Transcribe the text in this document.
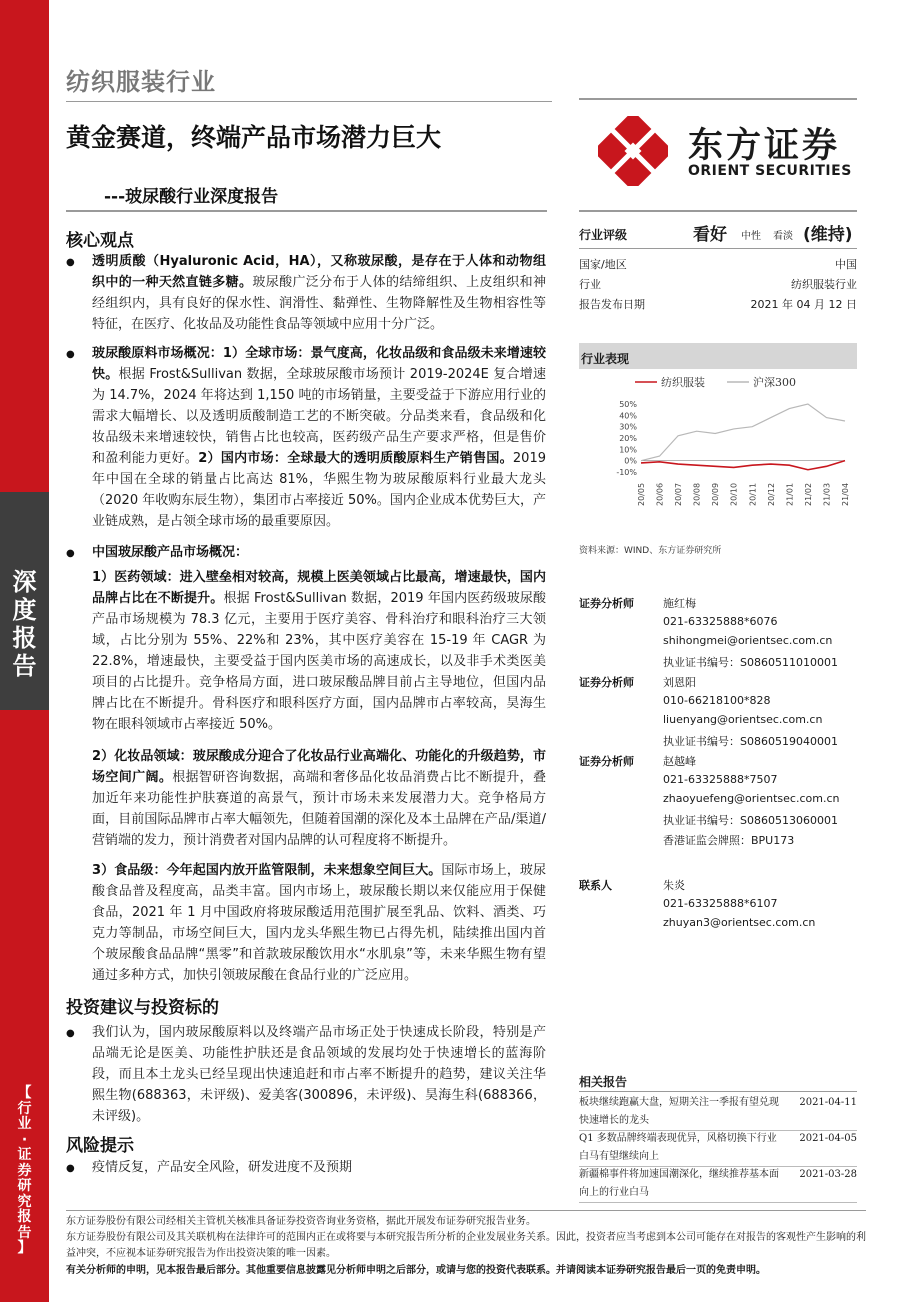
深
度
报
告
【
行
业
·
证
券
研
究
报
告
】
纺织服装行业
黄金赛道，终端产品市场潜力巨大
---玻尿酸行业深度报告
东方证券
ORIENT SECURITIES
核心观点
● 透明质酸（Hyaluronic Acid，HA），又称玻尿酸，是存在于人体和动物组织中的一种天然直链多糖。玻尿酸广泛分布于人体的结缔组织、上皮组织和神经组织内，具有良好的保水性、润滑性、黏弹性、生物降解性及生物相容性等特征，在医疗、化妆品及功能性食品等领域中应用十分广泛。
● 玻尿酸原料市场概况：1）全球市场：景气度高，化妆品级和食品级未来增速较快。根据 Frost&Sullivan 数据，全球玻尿酸市场预计 2019-2024E 复合增速为 14.7%，2024 年将达到 1,150 吨的市场销量，主要受益于下游应用行业的需求大幅增长、以及透明质酸制造工艺的不断突破。分品类来看，食品级和化妆品级未来增速较快，销售占比也较高，医药级产品生产要求严格，但是售价和盈利能力更好。2）国内市场：全球最大的透明质酸原料生产销售国。2019 年中国在全球的销量占比高达 81%，华熙生物为玻尿酸原料行业最大龙头（2020 年收购东辰生物），集团市占率接近 50%。国内企业成本优势巨大，产业链成熟，是占领全球市场的最重要原因。
● 中国玻尿酸产品市场概况：
1）医药领域：进入壁垒相对较高，规模上医美领域占比最高，增速最快，国内品牌占比在不断提升。根据 Frost&Sullivan 数据，2019 年国内医药级玻尿酸产品市场规模为 78.3 亿元，主要用于医疗美容、骨科治疗和眼科治疗三大领域，占比分别为 55%、22%和 23%，其中医疗美容在 15-19 年 CAGR 为 22.8%，增速最快，主要受益于国内医美市场的高速成长，以及非手术类医美项目的占比提升。竞争格局方面，进口玻尿酸品牌目前占主导地位，但国内品牌占比在不断提升。骨科医疗和眼科医疗方面，国内品牌市占率较高，昊海生物在眼科领域市占率接近 50%。
2）化妆品领域：玻尿酸成分迎合了化妆品行业高端化、功能化的升级趋势，市场空间广阔。根据智研咨询数据，高端和奢侈品化妆品消费占比不断提升，叠加近年来功能性护肤赛道的高景气，预计市场未来发展潜力大。竞争格局方面，目前国际品牌市占率大幅领先，但随着国潮的深化及本土品牌在产品/渠道/营销端的发力，预计消费者对国内品牌的认可程度将不断提升。
3）食品级：今年起国内放开监管限制，未来想象空间巨大。国际市场上，玻尿酸食品普及程度高，品类丰富。国内市场上，玻尿酸长期以来仅能应用于保健食品，2021 年 1 月中国政府将玻尿酸适用范围扩展至乳品、饮料、酒类、巧克力等制品，市场空间巨大，国内龙头华熙生物已占得先机，陆续推出国内首个玻尿酸食品品牌“黑零”和首款玻尿酸饮用水“水肌泉”等，未来华熙生物有望通过多种方式，加快引领玻尿酸在食品行业的广泛应用。
投资建议与投资标的
● 我们认为，国内玻尿酸原料以及终端产品市场正处于快速成长阶段，特别是产品端无论是医美、功能性护肤还是食品领域的发展均处于快速增长的蓝海阶段，而且本土龙头已经呈现出快速追赶和市占率不断提升的趋势，建议关注华熙生物(688363，未评级)、爱美客(300896，未评级)、昊海生科(688366，未评级)。
风险提示
● 疫情反复，产品安全风险，研发进度不及预期
行业评级	看好 中性 看淡 (维持)
国家/地区	中国
行业	纺织服装行业
报告发布日期	2021 年 04 月 12 日
行业表现
纺织服装	沪深300
50%
40%
30%
20%
10%
0%
-10%
20/05 20/06 20/07 20/08 20/09 20/10 20/11 20/12 21/01 21/02 21/03 21/04
资料来源：WIND、东方证券研究所
证券分析师	施红梅
021-63325888*6076
shihongmei@orientsec.com.cn
执业证书编号：S0860511010001
证券分析师	刘恩阳
010-66218100*828
liuenyang@orientsec.com.cn
执业证书编号：S0860519040001
证券分析师	赵越峰
021-63325888*7507
zhaoyuefeng@orientsec.com.cn
执业证书编号：S0860513060001
香港证监会牌照：BPU173
联系人	朱炎
021-63325888*6107
zhuyan3@orientsec.com.cn
相关报告
板块继续跑赢大盘，短期关注一季报有望兑现快速增长的龙头
2021-04-11
Q1 多数品牌终端表现优异，风格切换下行业白马有望继续向上
2021-04-05
新疆棉事件将加速国潮深化，继续推荐基本面向上的行业白马
2021-03-28
东方证券股份有限公司经相关主管机关核准具备证券投资咨询业务资格，据此开展发布证券研究报告业务。
东方证券股份有限公司及其关联机构在法律许可的范围内正在或将要与本研究报告所分析的企业发展业务关系。因此，投资者应当考虑到本公司可能存在对报告的客观性产生影响的利益冲突，不应视本证券研究报告为作出投资决策的唯一因素。
有关分析师的申明，见本报告最后部分。其他重要信息披露见分析师申明之后部分，或请与您的投资代表联系。并请阅读本证券研究报告最后一页的免责申明。
